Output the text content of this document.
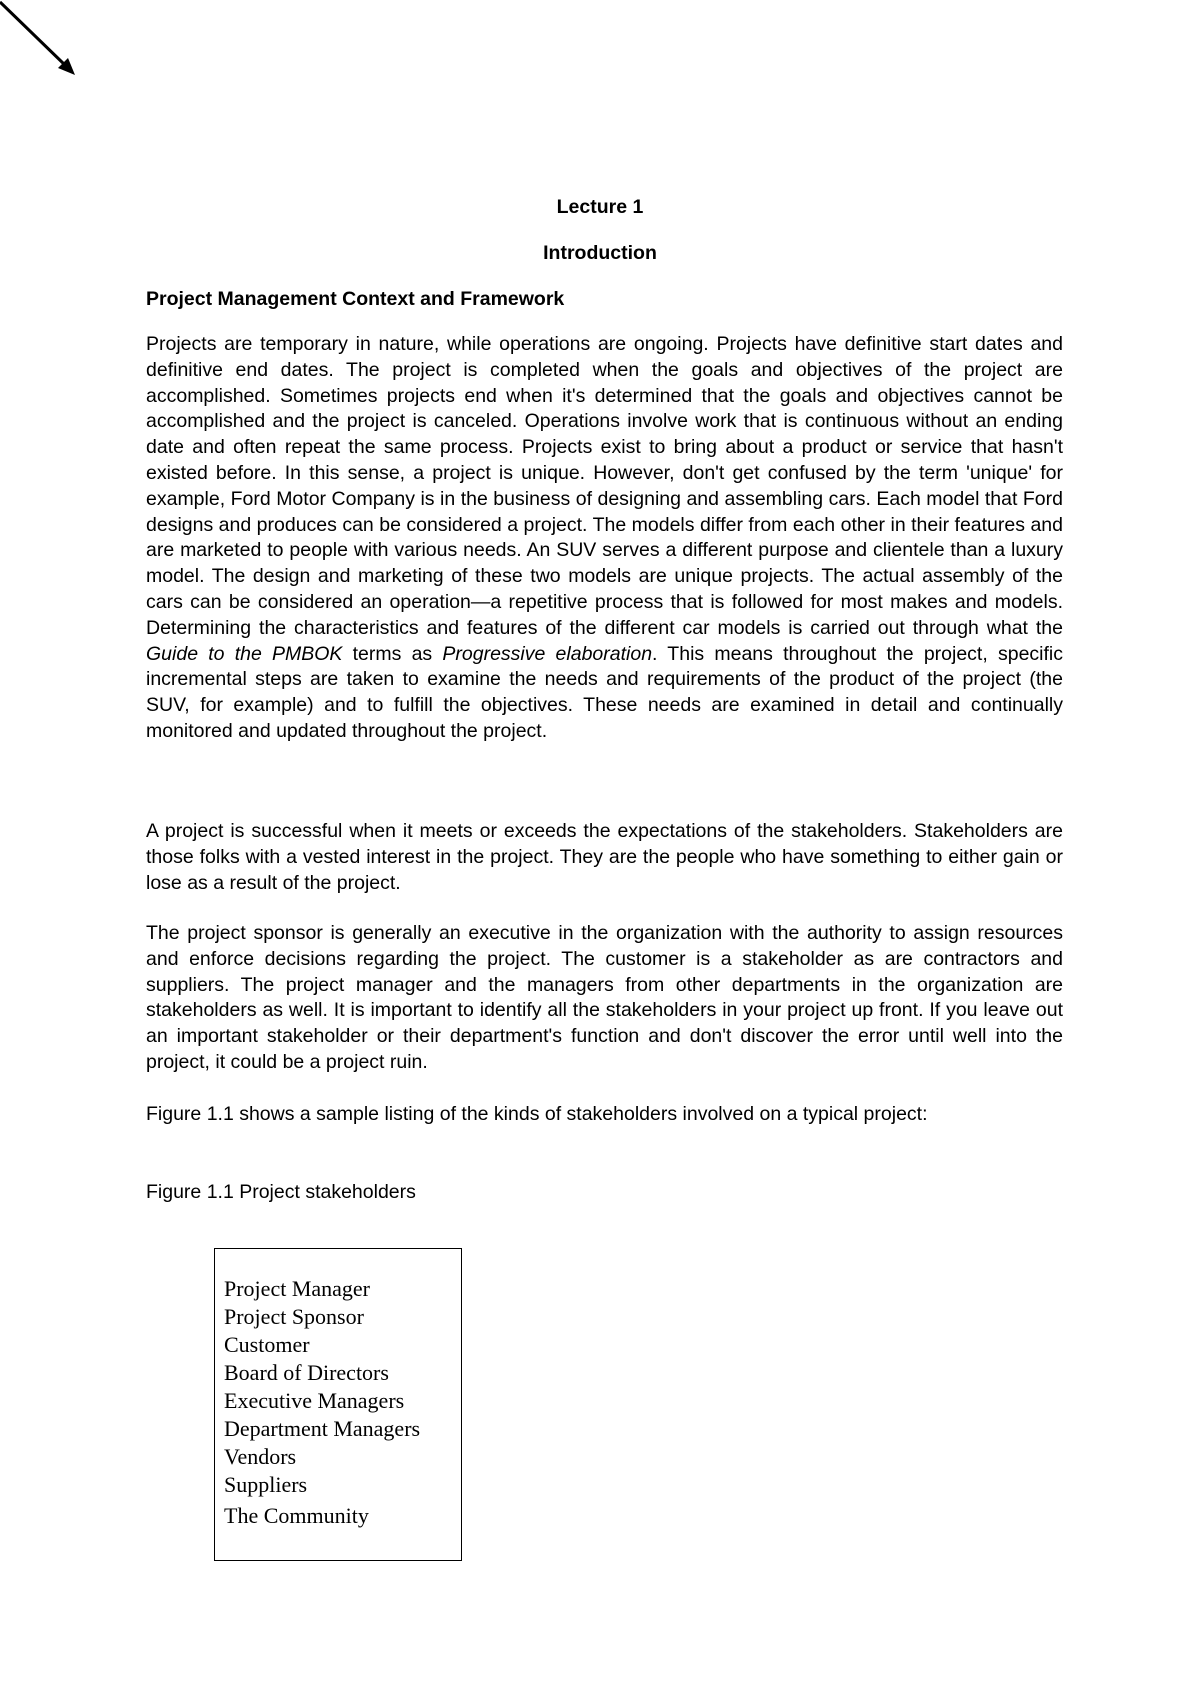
Lecture 1
Introduction
Project Management Context and Framework

Projects are temporary in nature, while operations are ongoing. Projects have definitive start dates and definitive end dates. The project is completed when the goals and objectives of the project are accomplished. Sometimes projects end when it's determined that the goals and objectives cannot be accomplished and the project is canceled. Operations involve work that is continuous without an ending date and often repeat the same process. Projects exist to bring about a product or service that hasn't existed before. In this sense, a project is unique. However, don't get confused by the term 'unique' for example, Ford Motor Company is in the business of designing and assembling cars. Each model that Ford designs and produces can be considered a project. The models differ from each other in their features and are marketed to people with various needs. An SUV serves a different purpose and clientele than a luxury model. The design and marketing of these two models are unique projects. The actual assembly of the cars can be considered an operation—a repetitive process that is followed for most makes and models. Determining the characteristics and features of the different car models is carried out through what the Guide to the PMBOK terms as Progressive elaboration. This means throughout the project, specific incremental steps are taken to examine the needs and requirements of the product of the project (the SUV, for example) and to fulfill the objectives. These needs are examined in detail and continually monitored and updated throughout the project.

A project is successful when it meets or exceeds the expectations of the stakeholders. Stakeholders are those folks with a vested interest in the project. They are the people who have something to either gain or lose as a result of the project.

The project sponsor is generally an executive in the organization with the authority to assign resources and enforce decisions regarding the project. The customer is a stakeholder as are contractors and suppliers. The project manager and the managers from other departments in the organization are stakeholders as well. It is important to identify all the stakeholders in your project up front. If you leave out an important stakeholder or their department's function and don't discover the error until well into the project, it could be a project ruin.

Figure 1.1 shows a sample listing of the kinds of stakeholders involved on a typical project:
Figure 1.1 Project stakeholders
Project Manager
Project Sponsor
Customer
Board of Directors
Executive Managers
Department Managers
Vendors
Suppliers
The Community
